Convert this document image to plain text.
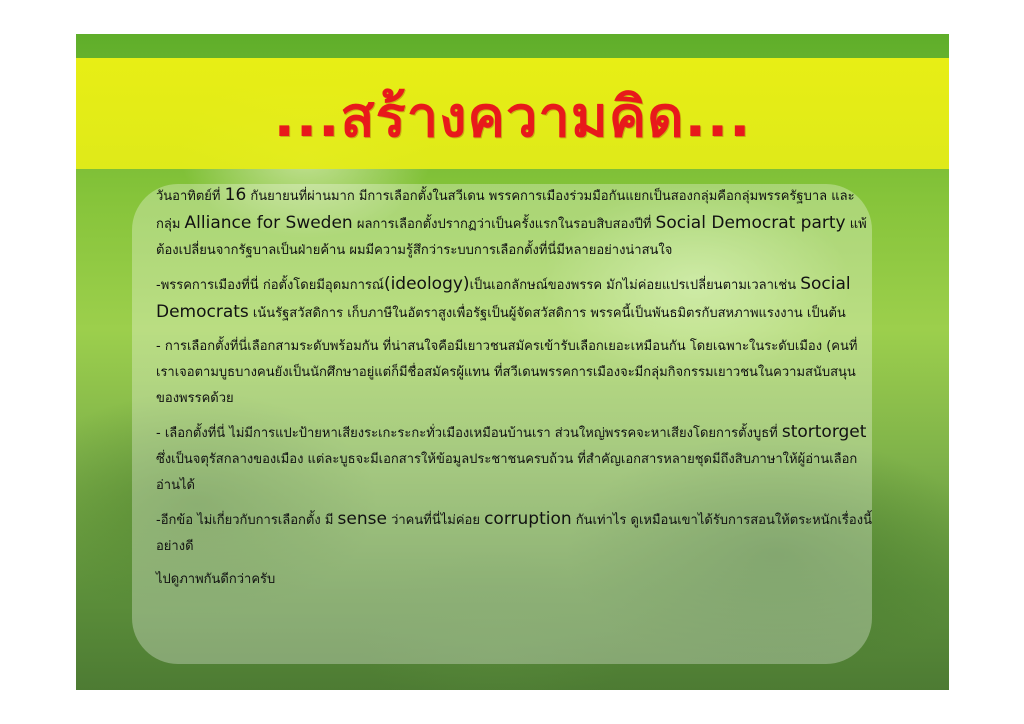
...สร้างความคิด...

วันอาทิตย์ที่ 16 กันยายนที่ผ่านมาก มีการเลือกตั้งในสวีเดน พรรคการเมืองร่วมมือกันแยกเป็นสองกลุ่มคือกลุ่มพรรครัฐบาล และกลุ่ม Alliance for Sweden ผลการเลือกตั้งปรากฏว่าเป็นครั้งแรกในรอบสิบสองปีที่ Social Democrat party แพ้ต้องเปลี่ยนจากรัฐบาลเป็นฝ่ายค้าน ผมมีความรู้สึกว่าระบบการเลือกตั้งที่นี่มีหลายอย่างน่าสนใจ

-พรรคการเมืองที่นี่ ก่อตั้งโดยมีอุดมการณ์(ideology)เป็นเอกลักษณ์ของพรรค มักไม่ค่อยแปรเปลี่ยนตามเวลาเช่น Social Democrats เน้นรัฐสวัสดิการ เก็บภาษีในอัตราสูงเพื่อรัฐเป็นผู้จัดสวัสดิการ พรรคนี้เป็นพันธมิตรกับสหภาพแรงงาน เป็นต้น

- การเลือกตั้งที่นี่เลือกสามระดับพร้อมกัน ที่น่าสนใจคือมีเยาวชนสมัครเข้ารับเลือกเยอะเหมือนกัน โดยเฉพาะในระดับเมือง (คนที่เราเจอตามบูธบางคนยังเป็นนักศึกษาอยู่แต่ก็มีชื่อสมัครผู้แทน ที่สวีเดนพรรคการเมืองจะมีกลุ่มกิจกรรมเยาวชนในความสนับสนุนของพรรคด้วย

- เลือกตั้งที่นี่ ไม่มีการแปะป้ายหาเสียงระเกะระกะทั่วเมืองเหมือนบ้านเรา ส่วนใหญ่พรรคจะหาเสียงโดยการตั้งบูธที่ stortorget ซึ่งเป็นจตุรัสกลางของเมือง แต่ละบูธจะมีเอกสารให้ข้อมูลประชาชนครบถ้วน ที่สำคัญเอกสารหลายชุดมีถึงสิบภาษาให้ผู้อ่านเลือก อ่านได้

-อีกข้อ ไม่เกี่ยวกับการเลือกตั้ง มี sense ว่าคนที่นี่ไม่ค่อย corruption กันเท่าไร ดูเหมือนเขาได้รับการสอนให้ตระหนักเรื่องนี้อย่างดี

ไปดูภาพกันดีกว่าครับ
